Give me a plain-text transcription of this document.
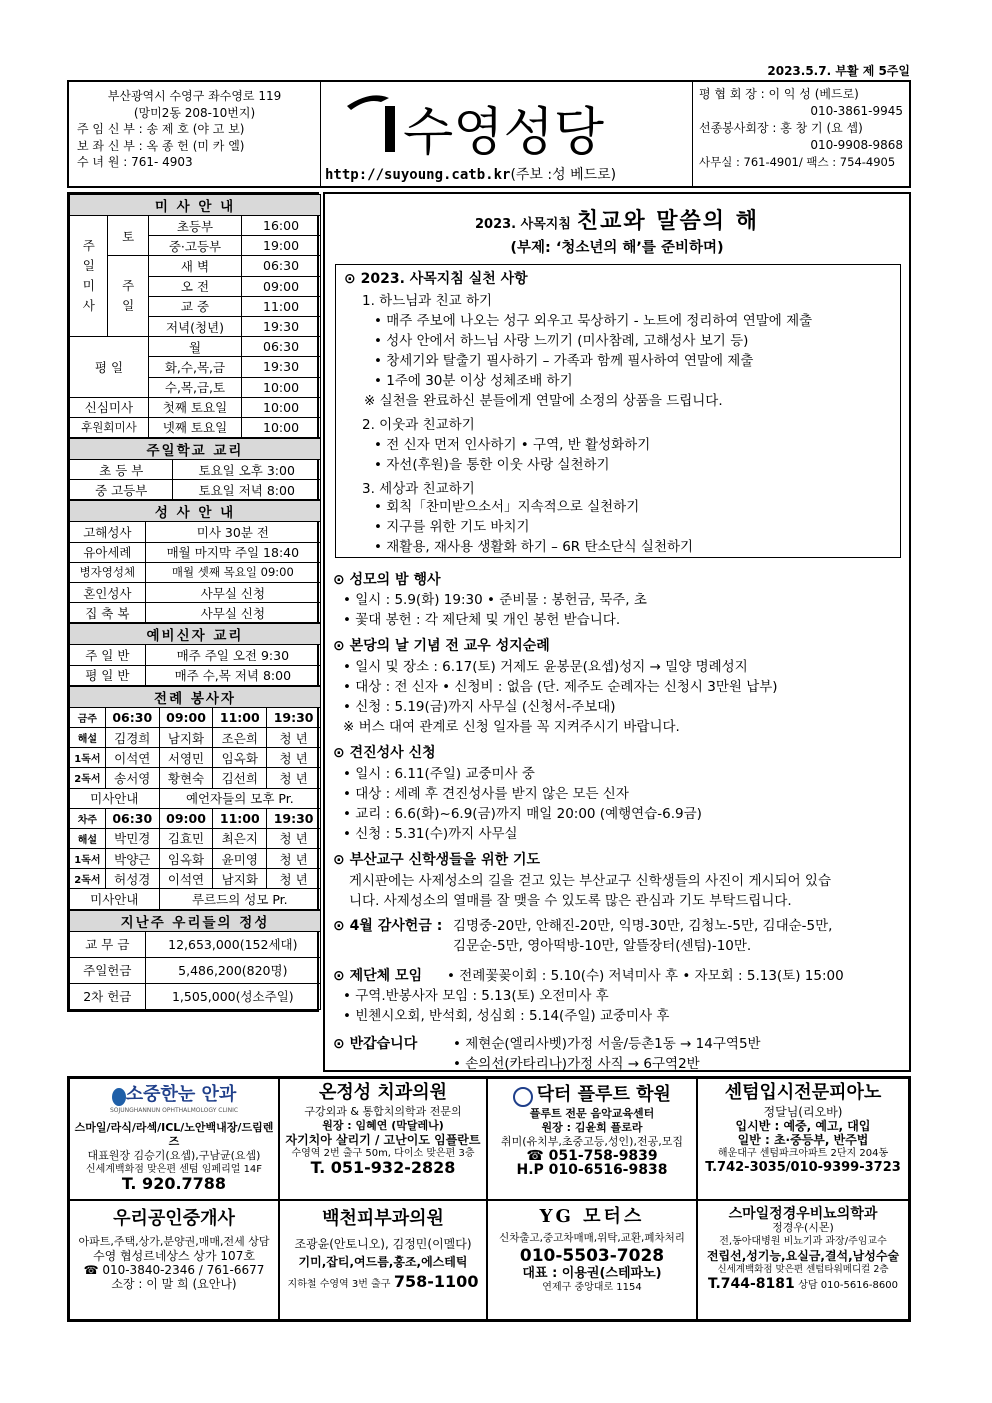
2023.5.7. 부활 제 5주일
부산광역시 수영구 좌수영로 119
(망미2동 208-10번지)
주 임 신 부 : 송 제 호 (야 고 보)
보 좌 신 부 : 옥 종 헌 (미 카 엘)
수 녀 원 : 761- 4903	수영성당
http://suyoung.catb.kr(주보 :성 베드로)
평 협 회 장 : 이 익 성 (베드로)
010-3861-9945
선종봉사회장 : 홍 창 기 (요 셉)
010-9908-9868
사무실 : 761-4901/ 팩스 : 754-4905
미 사 안 내			
주
일
미
사	토	초등부	16:00
		중·고등부	19:00
	주
일	새 벽	06:30
		오 전	09:00
		교 중	11:00
		저녁(청년)	19:30
평 일		월	06:30
		화,수,목,금	19:30
		수,목,금,토	10:00
신심미사		첫째 토요일	10:00
후원회미사		넷째 토요일	10:00
주일학교 교리	
초 등 부	토요일 오후 3:00
중 고등부	토요일 저녁 8:00
성 사 안 내	
고해성사	미사 30분 전
유아세례	매월 마지막 주일 18:40
병자영성체	매월 셋째 목요일 09:00
혼인성사	사무실 신청
집 축 복	사무실 신청
예비신자 교리	
주 일 반	매주 주일 오전 9:30
평 일 반	매주 수,목 저녁 8:00
전례 봉사자				
금주	06:30	09:00	11:00	19:30
해설	김경희	남지화	조은희	청 년
1독서	이석연	서영민	임옥화	청 년
2독서	송서영	황현숙	김선희	청 년
미사안내		예언자들의 모후 Pr.		
차주	06:30	09:00	11:00	19:30
해설	박민경	김효민	최은지	청 년
1독서	박양근	임옥화	윤미영	청 년
2독서	허성경	이석연	남지화	청 년
미사안내		루르드의 성모 Pr.		
지난주 우리들의 정성	
교 무 금	12,653,000(152세대)
주일헌금	5,486,200(820명)
2차 헌금	1,505,000(성소주일)
2023. 사목지침 친교와 말씀의 해
(부제: ‘청소년의 해’를 준비하며)
⊙ 2023. 사목지침 실천 사항
1. 하느님과 친교 하기
• 매주 주보에 나오는 성구 외우고 묵상하기 - 노트에 정리하여 연말에 제출
• 성사 안에서 하느님 사랑 느끼기 (미사참례, 고해성사 보기 등)
• 창세기와 탈출기 필사하기 – 가족과 함께 필사하여 연말에 제출
• 1주에 30분 이상 성체조배 하기
※ 실천을 완료하신 분들에게 연말에 소정의 상품을 드립니다.
2. 이웃과 친교하기
• 전 신자 먼저 인사하기 • 구역, 반 활성화하기
• 자선(후원)을 통한 이웃 사랑 실천하기
3. 세상과 친교하기
• 회칙「찬미받으소서」지속적으로 실천하기
• 지구를 위한 기도 바치기
• 재활용, 재사용 생활화 하기 – 6R 탄소단식 실천하기
⊙ 성모의 밤 행사
• 일시 : 5.9(화) 19:30 • 준비물 : 봉헌금, 묵주, 초
• 꽃대 봉헌 : 각 제단체 및 개인 봉헌 받습니다.
⊙ 본당의 날 기념 전 교우 성지순례
• 일시 및 장소 : 6.17(토) 거제도 윤봉문(요셉)성지 → 밀양 명례성지
• 대상 : 전 신자 • 신청비 : 없음 (단. 제주도 순례자는 신청시 3만원 납부)
• 신청 : 5.19(금)까지 사무실 (신청서-주보대)
※ 버스 대여 관계로 신청 일자를 꼭 지켜주시기 바랍니다.
⊙ 견진성사 신청
• 일시 : 6.11(주일) 교중미사 중
• 대상 : 세례 후 견진성사를 받지 않은 모든 신자
• 교리 : 6.6(화)~6.9(금)까지 매일 20:00 (예행연습-6.9금)
• 신청 : 5.31(수)까지 사무실
⊙ 부산교구 신학생들을 위한 기도
게시판에는 사제성소의 길을 걷고 있는 부산교구 신학생들의 사진이 게시되어 있습
니다. 사제성소의 열매를 잘 맺을 수 있도록 많은 관심과 기도 부탁드립니다.
⊙ 4월 감사헌금 : 김명중-20만, 안해진-20만, 익명-30만, 김청노-5만, 김대순-5만,
김문순-5만, 영아떡방-10만, 알뜰장터(센텀)-10만.
⊙ 제단체 모임 • 전례꽃꽂이회 : 5.10(수) 저녁미사 후 • 자모회 : 5.13(토) 15:00
• 구역.반봉사자 모임 : 5.13(토) 오전미사 후
• 빈첸시오회, 반석회, 성심회 : 5.14(주일) 교중미사 후
⊙ 반갑습니다	• 제현순(엘리사벳)가정 서울/등촌1동 → 14구역5반
• 손의선(카타리나)가정 사직 → 6구역2반
소중한눈 안과
SOJUNGHANNUN OPHTHALMOLOGY CLINIC
스마일/라식/라섹/ICL/노안백내장/드림렌즈
대표원장 김승기(요셉),구남균(요셉)
신세계백화점 맞은편 센텀 임페리얼 14F
T. 920.7788
온정성 치과의원
구강외과 & 통합치의학과 전문의
원장 : 임혜연 (막달레나)
자기치아 살리기 / 고난이도 임플란트
수영역 2번 출구 50m, 다이소 맞은편 3층
T. 051-932-2828
닥터 플루트 학원
플루트 전문 음악교육센터
원장 : 김윤희 플로라
취미(유치부,초중고등,성인),전공,모집
☎ 051-758-9839
H.P 010-6516-9838
센텀입시전문피아노
정달님(리오바)
입시반 : 예중, 예고, 대입
일반 : 초·중등부, 반주법
해운대구 센텀파크아파트 2단지 204동
T.742-3035/010-9399-3723
우리공인중개사
아파트,주택,상가,분양권,매매,전세 상담
수영 협성르네상스 상가 107호
☎ 010-3840-2346 / 761-6677
소장 : 이 말 희 (요안나)
백천피부과의원
조광윤(안토니오), 김정민(이멜다)
기미,잡티,여드름,홍조,에스테틱
지하철 수영역 3번 출구 758-1100
YG 모터스
신차출고,중고차매매,위탁,교환,폐차처리
010-5503-7028
대표 : 이용권(스테파노)
연제구 중앙대로 1154
스마일정경우비뇨의학과
정경우(시몬)
전,동아대병원 비뇨기과 과장/주임교수
전립선,성기능,요실금,결석,남성수술
신세계백화점 맞은편 센텀타워메디컬 2층
T.744-8181 상담 010-5616-8600
